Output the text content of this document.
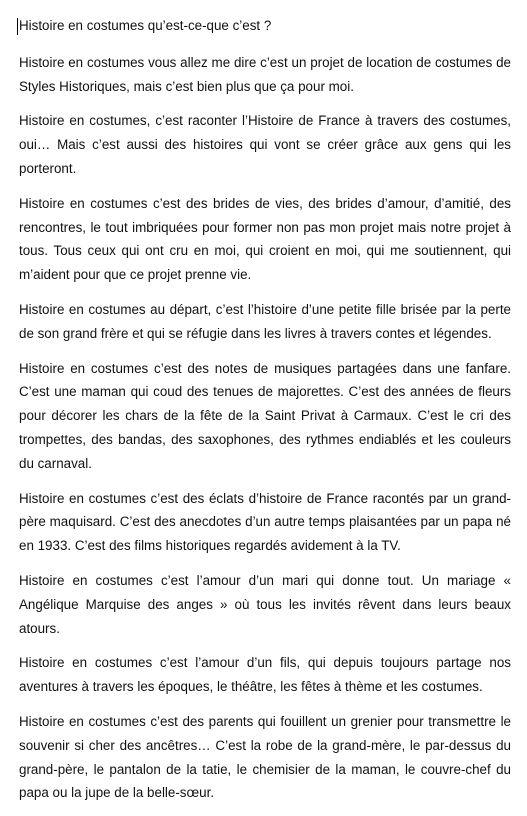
Histoire en costumes qu’est-ce-que c’est ?

Histoire en costumes vous allez me dire c’est un projet de location de costumes de Styles Historiques, mais c’est bien plus que ça pour moi.

Histoire en costumes, c’est raconter l’Histoire de France à travers des costumes, oui… Mais c’est aussi des histoires qui vont se créer grâce aux gens qui les porteront.

Histoire en costumes c’est des brides de vies, des brides d’amour, d’amitié, des rencontres, le tout imbriquées pour former non pas mon projet mais notre projet à tous. Tous ceux qui ont cru en moi, qui croient en moi, qui me soutiennent, qui m’aident pour que ce projet prenne vie.

Histoire en costumes au départ, c’est l’histoire d’une petite fille brisée par la perte de son grand frère et qui se réfugie dans les livres à travers contes et légendes.

Histoire en costumes c’est des notes de musiques partagées dans une fanfare. C’est une maman qui coud des tenues de majorettes. C’est des années de fleurs pour décorer les chars de la fête de la Saint Privat à Carmaux. C’est le cri des trompettes, des bandas, des saxophones, des rythmes endiablés et les couleurs du carnaval.

Histoire en costumes c’est des éclats d’histoire de France racontés par un grand-père maquisard. C’est des anecdotes d’un autre temps plaisantées par un papa né en 1933. C’est des films historiques regardés avidement à la TV.

Histoire en costumes c’est l’amour d’un mari qui donne tout. Un mariage « Angélique Marquise des anges » où tous les invités rêvent dans leurs beaux atours.

Histoire en costumes c’est l’amour d’un fils, qui depuis toujours partage nos aventures à travers les époques, le théâtre, les fêtes à thème et les costumes.

Histoire en costumes c’est des parents qui fouillent un grenier pour transmettre le souvenir si cher des ancêtres… C’est la robe de la grand-mère, le par-dessus du grand-père, le pantalon de la tatie, le chemisier de la maman, le couvre-chef du papa ou la jupe de la belle-sœur.
